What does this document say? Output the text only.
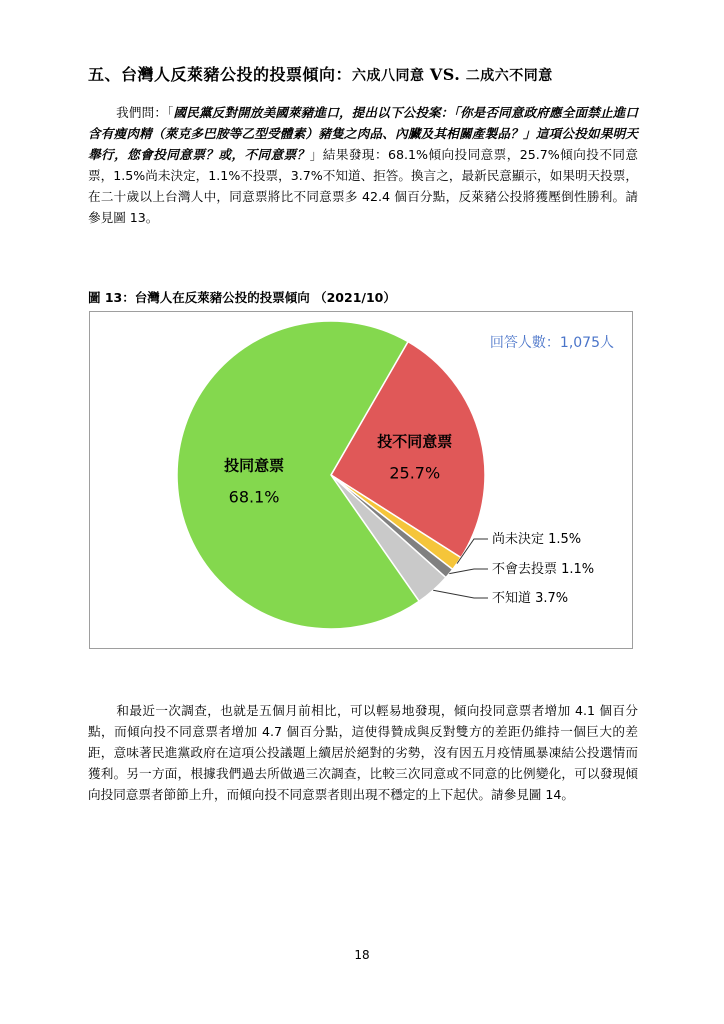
五、台灣人反萊豬公投的投票傾向：六成八同意 VS. 二成六不同意

我們問：「國民黨反對開放美國萊豬進口，提出以下公投案：「你是否同意政府應全面禁止進口含有瘦肉精（萊克多巴胺等乙型受體素）豬隻之肉品、內臟及其相關產製品？」這項公投如果明天舉行，您會投同意票？或，不同意票？」結果發現：68.1%傾向投同意票，25.7%傾向投不同意票，1.5%尚未決定，1.1%不投票，3.7%不知道、拒答。換言之，最新民意顯示，如果明天投票，在二十歲以上台灣人中，同意票將比不同意票多 42.4 個百分點，反萊豬公投將獲壓倒性勝利。請參見圖 13。

圖 13：台灣人在反萊豬公投的投票傾向 （2021/10）
回答人數：1,075人
投不同意票
25.7%
尚未決定 1.5%
不會去投票 1.1%
不知道 3.7%
投同意票
68.1%

和最近一次調查，也就是五個月前相比，可以輕易地發現，傾向投同意票者增加 4.1 個百分點，而傾向投不同意票者增加 4.7 個百分點，這使得贊成與反對雙方的差距仍維持一個巨大的差距，意味著民進黨政府在這項公投議題上續居於絕對的劣勢，沒有因五月疫情風暴凍結公投選情而獲利。另一方面，根據我們過去所做過三次調查，比較三次同意或不同意的比例變化，可以發現傾向投同意票者節節上升，而傾向投不同意票者則出現不穩定的上下起伏。請參見圖 14。

18
